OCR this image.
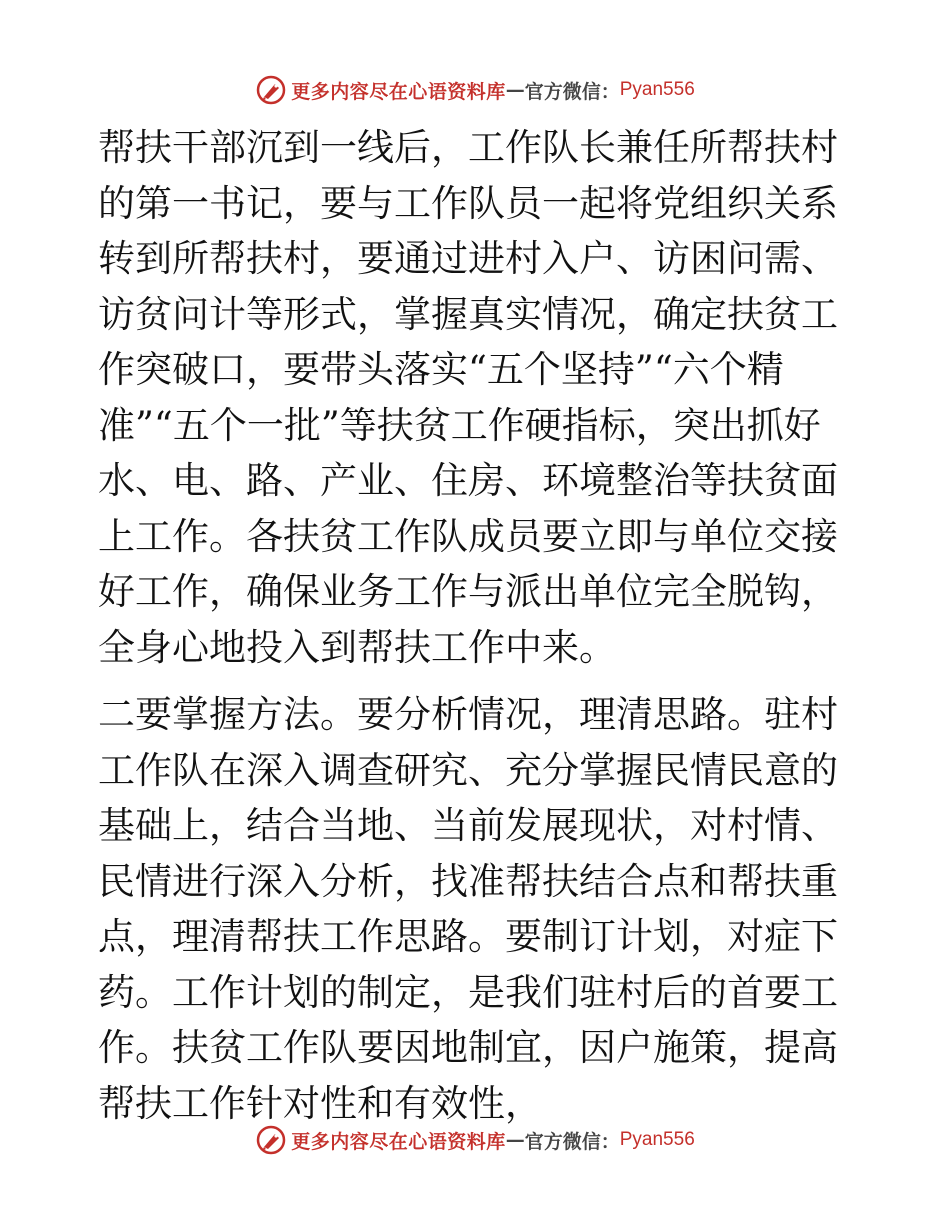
更多内容尽在心语资料库 — 官方微信： Pyan556

帮扶干部沉到一线后，工作队长兼任所帮扶村的第一书记，要与工作队员一起将党组织关系转到所帮扶村，要通过进村入户、访困问需、访贫问计等形式，掌握真实情况，确定扶贫工作突破口，要带头落实“五个坚持”“六个精准”“五个一批”等扶贫工作硬指标，突出抓好水、电、路、产业、住房、环境整治等扶贫面上工作。各扶贫工作队成员要立即与单位交接好工作，确保业务工作与派出单位完全脱钩，全身心地投入到帮扶工作中来。

二要掌握方法。要分析情况，理清思路。驻村工作队在深入调查研究、充分掌握民情民意的基础上，结合当地、当前发展现状，对村情、民情进行深入分析，找准帮扶结合点和帮扶重点，理清帮扶工作思路。要制订计划，对症下药。工作计划的制定，是我们驻村后的首要工作。扶贫工作队要因地制宜，因户施策，提高帮扶工作针对性和有效性，

更多内容尽在心语资料库 — 官方微信： Pyan556
